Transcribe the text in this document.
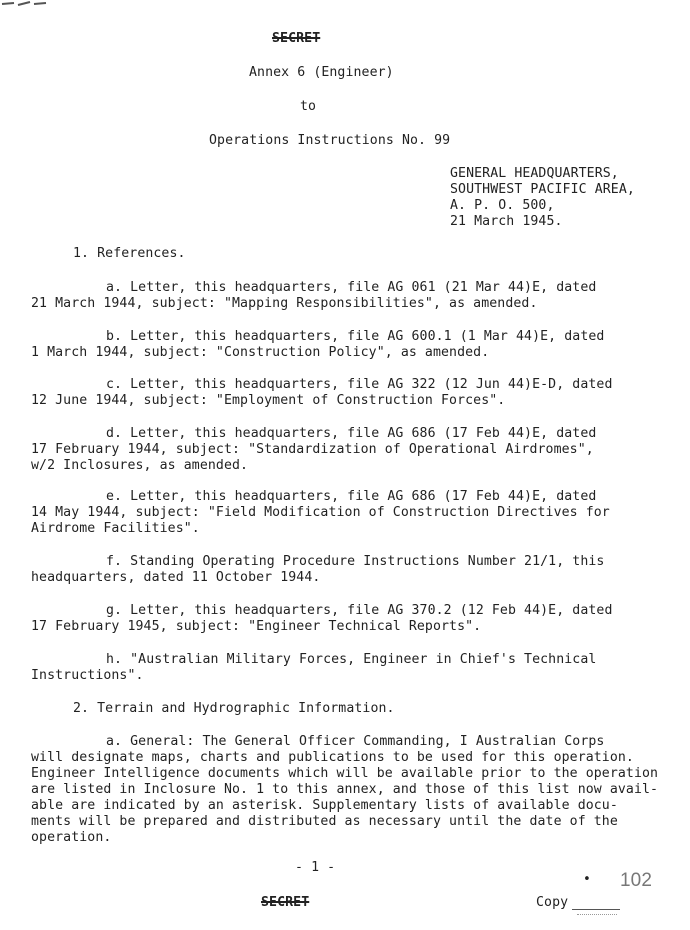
SECRET
Annex 6 (Engineer)
to
Operations Instructions No. 99
GENERAL HEADQUARTERS,
SOUTHWEST PACIFIC AREA,
A. P. O. 500,
21 March 1945.
1. References.
a. Letter, this headquarters, file AG 061 (21 Mar 44)E, dated
21 March 1944, subject: "Mapping Responsibilities", as amended.
b. Letter, this headquarters, file AG 600.1 (1 Mar 44)E, dated
1 March 1944, subject: "Construction Policy", as amended.
c. Letter, this headquarters, file AG 322 (12 Jun 44)E-D, dated
12 June 1944, subject: "Employment of Construction Forces".
d. Letter, this headquarters, file AG 686 (17 Feb 44)E, dated
17 February 1944, subject: "Standardization of Operational Airdromes",
w/2 Inclosures, as amended.
e. Letter, this headquarters, file AG 686 (17 Feb 44)E, dated
14 May 1944, subject: "Field Modification of Construction Directives for
Airdrome Facilities".
f. Standing Operating Procedure Instructions Number 21/1, this
headquarters, dated 11 October 1944.
g. Letter, this headquarters, file AG 370.2 (12 Feb 44)E, dated
17 February 1945, subject: "Engineer Technical Reports".
h. "Australian Military Forces, Engineer in Chief's Technical
Instructions".
2. Terrain and Hydrographic Information.
a. General: The General Officer Commanding, I Australian Corps
will designate maps, charts and publications to be used for this operation.
Engineer Intelligence documents which will be available prior to the operation
are listed in Inclosure No. 1 to this annex, and those of this list now avail-
able are indicated by an asterisk. Supplementary lists of available docu-
ments will be prepared and distributed as necessary until the date of the
operation.
- 1 -
SECRET	Copy
• 102
